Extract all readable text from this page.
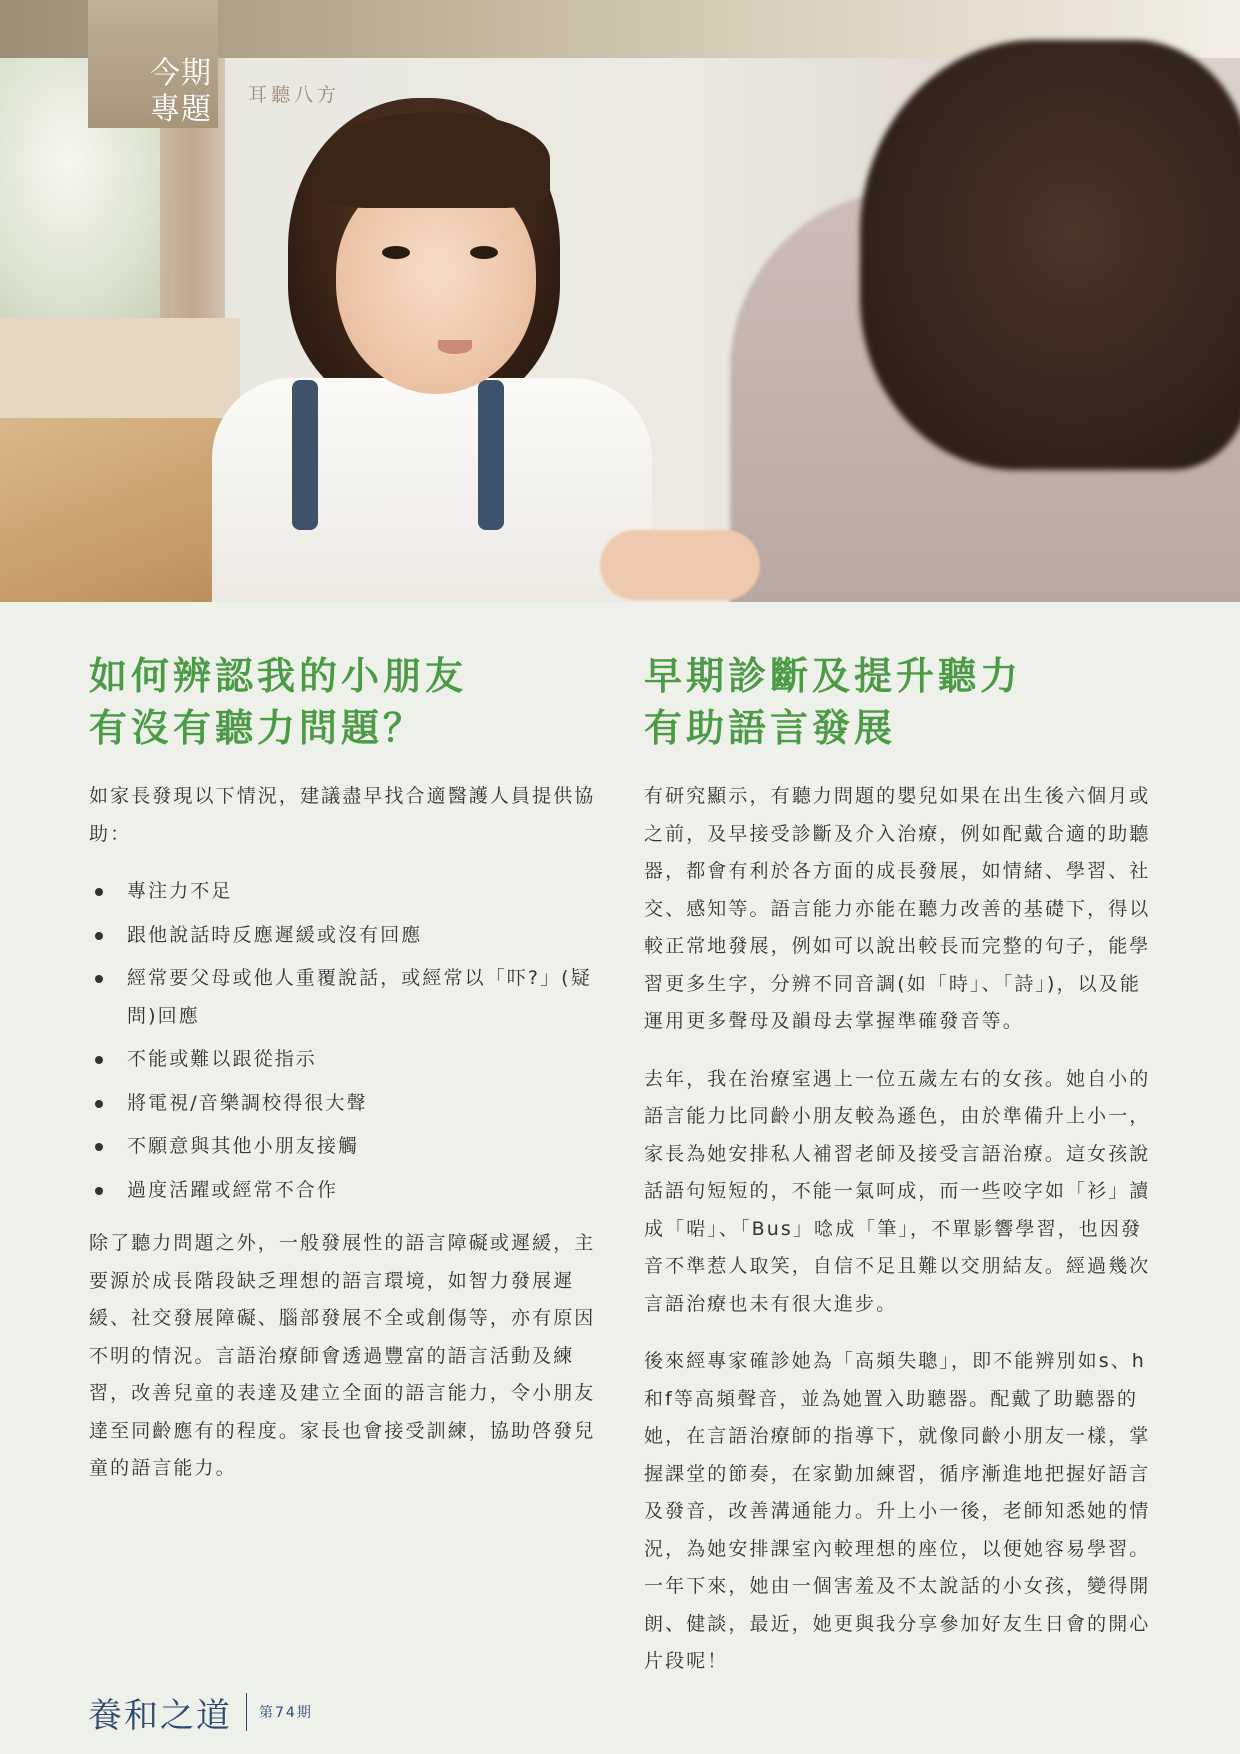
今期
專題	耳聽八方
如何辨認我的小朋友
有沒有聽力問題？

如家長發現以下情況，建議盡早找合適醫護人員提供協助：

專注力不足
跟他說話時反應遲緩或沒有回應
經常要父母或他人重覆說話，或經常以「吓?」(疑問)回應
不能或難以跟從指示
將電視/音樂調校得很大聲
不願意與其他小朋友接觸
過度活躍或經常不合作

除了聽力問題之外，一般發展性的語言障礙或遲緩，主要源於成長階段缺乏理想的語言環境，如智力發展遲緩、社交發展障礙、腦部發展不全或創傷等，亦有原因不明的情況。言語治療師會透過豐富的語言活動及練習，改善兒童的表達及建立全面的語言能力，令小朋友達至同齡應有的程度。家長也會接受訓練，協助啓發兒童的語言能力。

早期診斷及提升聽力
有助語言發展

有研究顯示，有聽力問題的嬰兒如果在出生後六個月或之前，及早接受診斷及介入治療，例如配戴合適的助聽器，都會有利於各方面的成長發展，如情緒、學習、社交、感知等。語言能力亦能在聽力改善的基礎下，得以較正常地發展，例如可以說出較長而完整的句子，能學習更多生字，分辨不同音調(如「時」、「詩」)，以及能運用更多聲母及韻母去掌握準確發音等。

去年，我在治療室遇上一位五歲左右的女孩。她自小的語言能力比同齡小朋友較為遜色，由於準備升上小一，家長為她安排私人補習老師及接受言語治療。這女孩說話語句短短的，不能一氣呵成，而一些咬字如「衫」讀成「啱」、「Bus」唸成「筆」，不單影響學習，也因發音不準惹人取笑，自信不足且難以交朋結友。經過幾次言語治療也未有很大進步。

後來經專家確診她為「高頻失聰」，即不能辨別如s、h和f等高頻聲音，並為她置入助聽器。配戴了助聽器的她，在言語治療師的指導下，就像同齡小朋友一樣，掌握課堂的節奏，在家勤加練習，循序漸進地把握好語言及發音，改善溝通能力。升上小一後，老師知悉她的情況，為她安排課室內較理想的座位，以便她容易學習。一年下來，她由一個害羞及不太說話的小女孩，變得開朗、健談，最近，她更與我分享參加好友生日會的開心片段呢！

養和之道 第74期
